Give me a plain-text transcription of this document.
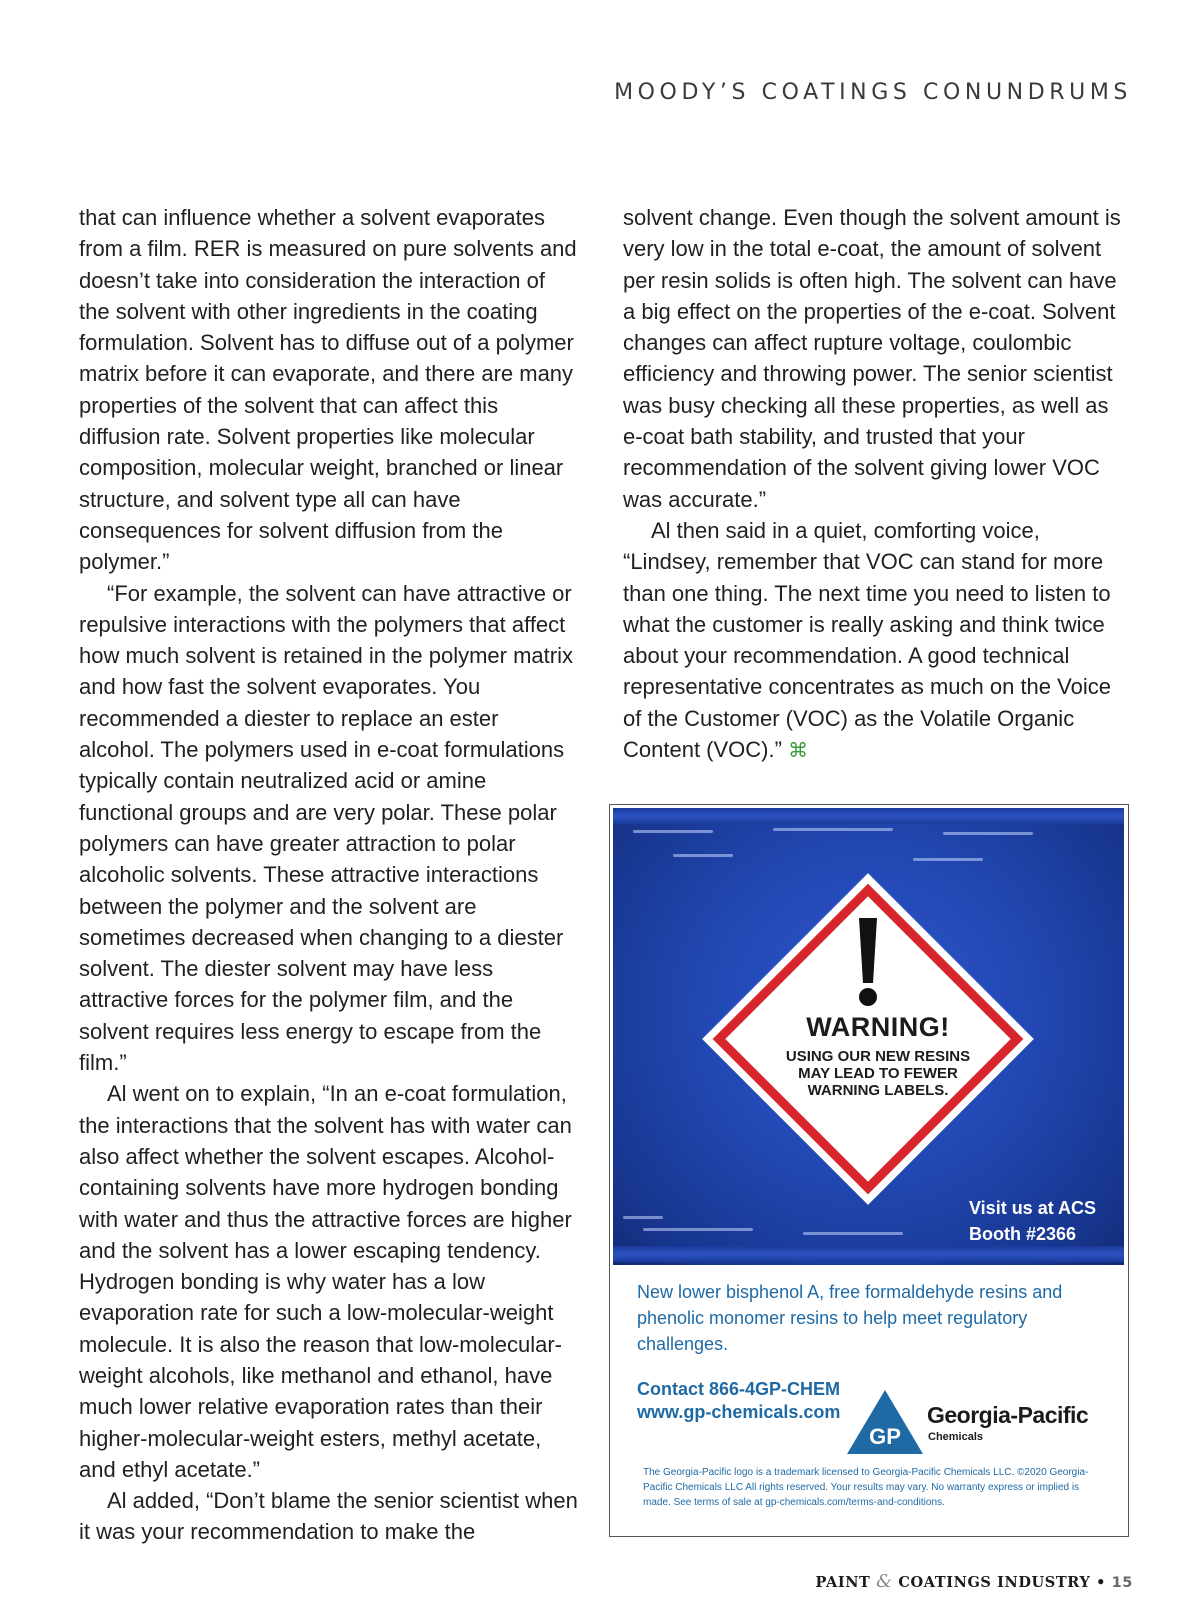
MOODY’S COATINGS CONUNDRUMS

that can influence whether a solvent evaporates from a film. RER is measured on pure solvents and doesn’t take into consideration the interaction of the solvent with other ingredients in the coating formulation. Solvent has to diffuse out of a polymer matrix before it can evaporate, and there are many properties of the solvent that can affect this diffusion rate. Solvent properties like molecular composition, molecular weight, branched or linear structure, and solvent type all can have consequences for solvent diffusion from the polymer.”

“For example, the solvent can have attractive or repulsive interactions with the polymers that affect how much solvent is retained in the polymer matrix and how fast the solvent evaporates. You recommended a diester to replace an ester alcohol. The polymers used in e-coat formulations typically contain neutralized acid or amine functional groups and are very polar. These polar polymers can have greater attraction to polar alcoholic solvents. These attractive interactions between the polymer and the solvent are sometimes decreased when changing to a diester solvent. The diester solvent may have less attractive forces for the polymer film, and the solvent requires less energy to escape from the film.”

Al went on to explain, “In an e-coat formulation, the interactions that the solvent has with water can also affect whether the solvent escapes. Alcohol-containing solvents have more hydrogen bonding with water and thus the attractive forces are higher and the solvent has a lower escaping tendency. Hydrogen bonding is why water has a low evaporation rate for such a low-molecular-weight molecule. It is also the reason that low-molecular-weight alcohols, like methanol and ethanol, have much lower relative evaporation rates than their higher-molecular-weight esters, methyl acetate, and ethyl acetate.”

Al added, “Don’t blame the senior scientist when it was your recommendation to make the

solvent change. Even though the solvent amount is very low in the total e-coat, the amount of solvent per resin solids is often high. The solvent can have a big effect on the properties of the e-coat. Solvent changes can affect rupture voltage, coulombic efficiency and throwing power. The senior scientist was busy checking all these properties, as well as e-coat bath stability, and trusted that your recommendation of the solvent giving lower VOC was accurate.”

Al then said in a quiet, comforting voice, “Lindsey, remember that VOC can stand for more than one thing. The next time you need to listen to what the customer is really asking and think twice about your recommendation. A good technical representative concentrates as much on the Voice of the Customer (VOC) as the Volatile Organic Content (VOC).” ⌘

WARNING!
USING OUR NEW RESINS MAY LEAD TO FEWER WARNING LABELS.
Visit us at ACS
Booth #2366
New lower bisphenol A, free formaldehyde resins and phenolic monomer resins to help meet regulatory challenges.
Contact 866-4GP-CHEM
www.gp-chemicals.com
GP
Georgia-Pacific
Chemicals
The Georgia-Pacific logo is a trademark licensed to Georgia-Pacific Chemicals LLC. ©2020 Georgia-Pacific Chemicals LLC All rights reserved. Your results may vary. No warranty express or implied is made. See terms of sale at gp-chemicals.com/terms-and-conditions.
PAINT & COATINGS INDUSTRY • 15
